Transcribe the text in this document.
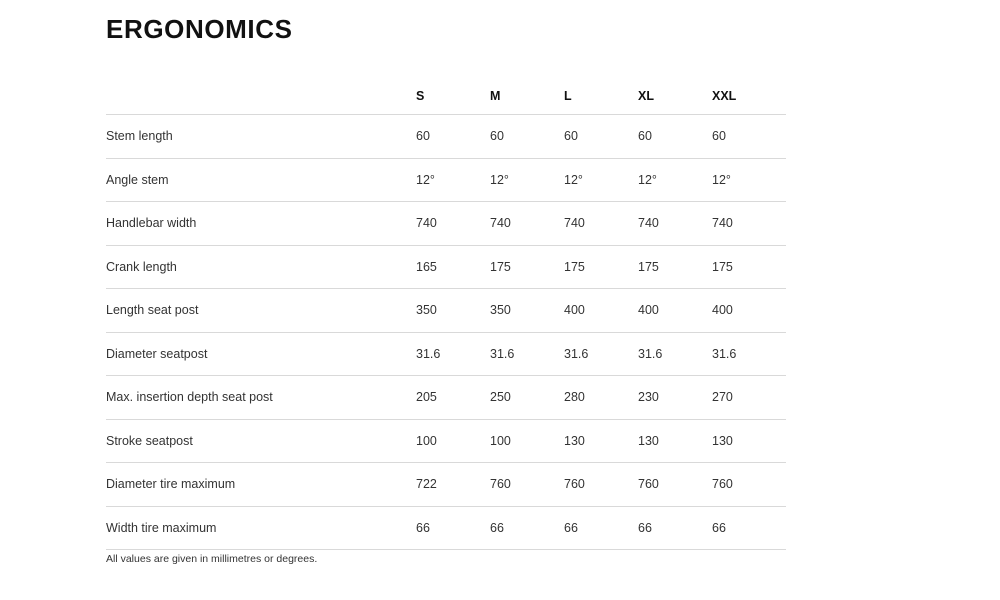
ERGONOMICS
	S	M	L	XL	XXL
Stem length	60	60	60	60	60
Angle stem	12°	12°	12°	12°	12°
Handlebar width	740	740	740	740	740
Crank length	165	175	175	175	175
Length seat post	350	350	400	400	400
Diameter seatpost	31.6	31.6	31.6	31.6	31.6
Max. insertion depth seat post	205	250	280	230	270
Stroke seatpost	100	100	130	130	130
Diameter tire maximum	722	760	760	760	760
Width tire maximum	66	66	66	66	66
All values are given in millimetres or degrees.
